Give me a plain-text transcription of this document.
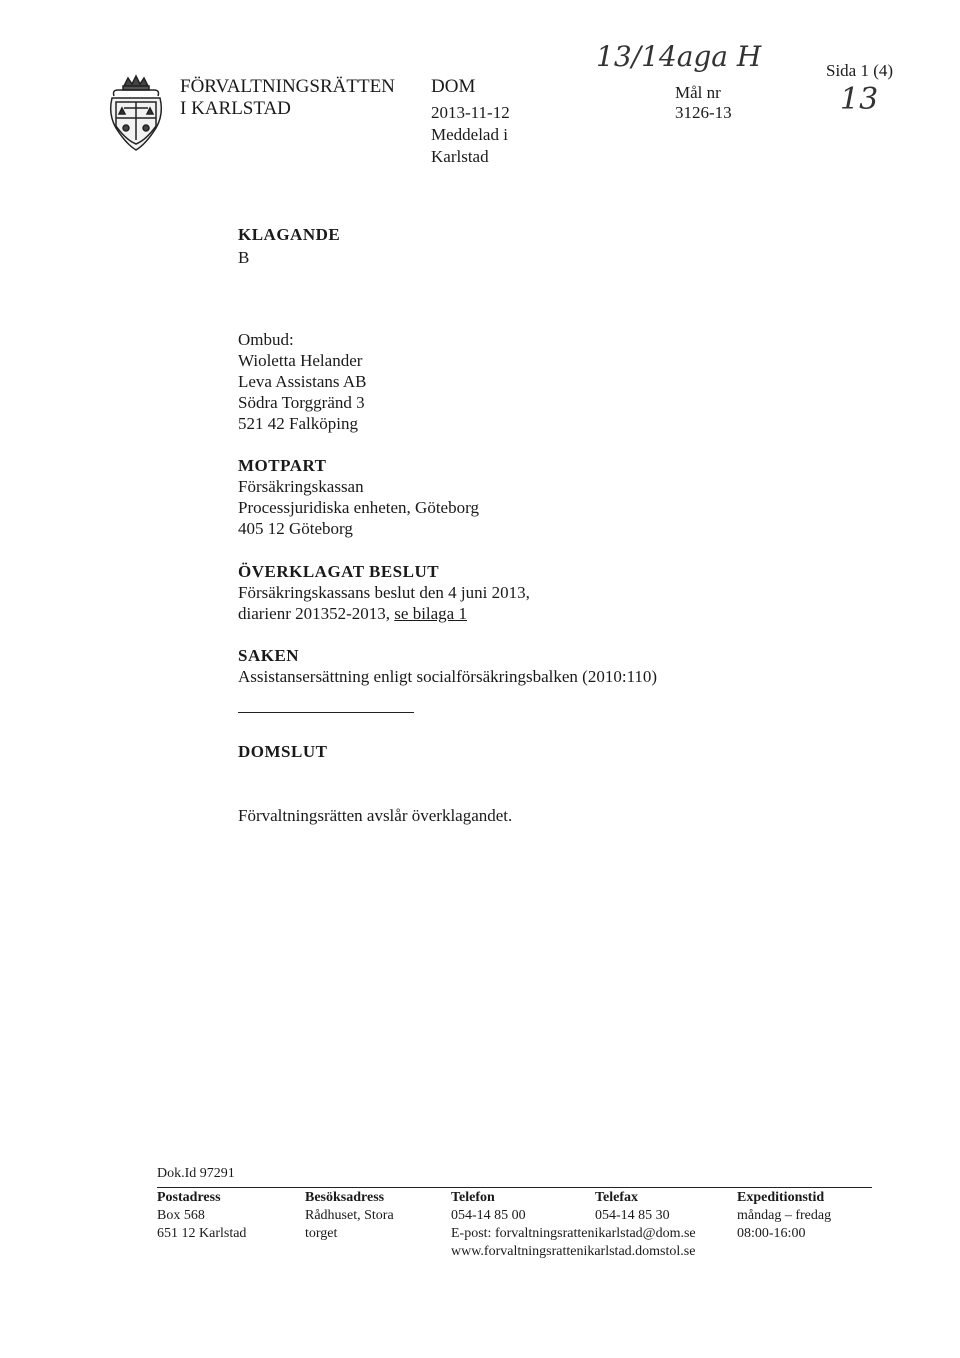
FÖRVALTNINGSRÄTTEN
I KARLSTAD
DOM
2013-11-12
Meddelad i
Karlstad
13/14aga H
Mål nr
3126-13
Sida 1 (4)
13
KLAGANDE
B
Ombud:
Wioletta Helander
Leva Assistans AB
Södra Torggränd 3
521 42 Falköping
MOTPART
Försäkringskassan
Processjuridiska enheten, Göteborg
405 12 Göteborg
ÖVERKLAGAT BESLUT
Försäkringskassans beslut den 4 juni 2013,
diarienr 201352-2013, se bilaga 1
SAKEN
Assistansersättning enligt socialförsäkringsbalken (2010:110)
DOMSLUT
Förvaltningsrätten avslår överklagandet.
Dok.Id 97291
Postadress
Box 568
651 12 Karlstad
Besöksadress
Rådhuset, Stora
torget
Telefon
054-14 85 00
E-post: forvaltningsrattenikarlstad@dom.se
www.forvaltningsrattenikarlstad.domstol.se
Telefax
054-14 85 30
Expeditionstid
måndag – fredag
08:00-16:00
